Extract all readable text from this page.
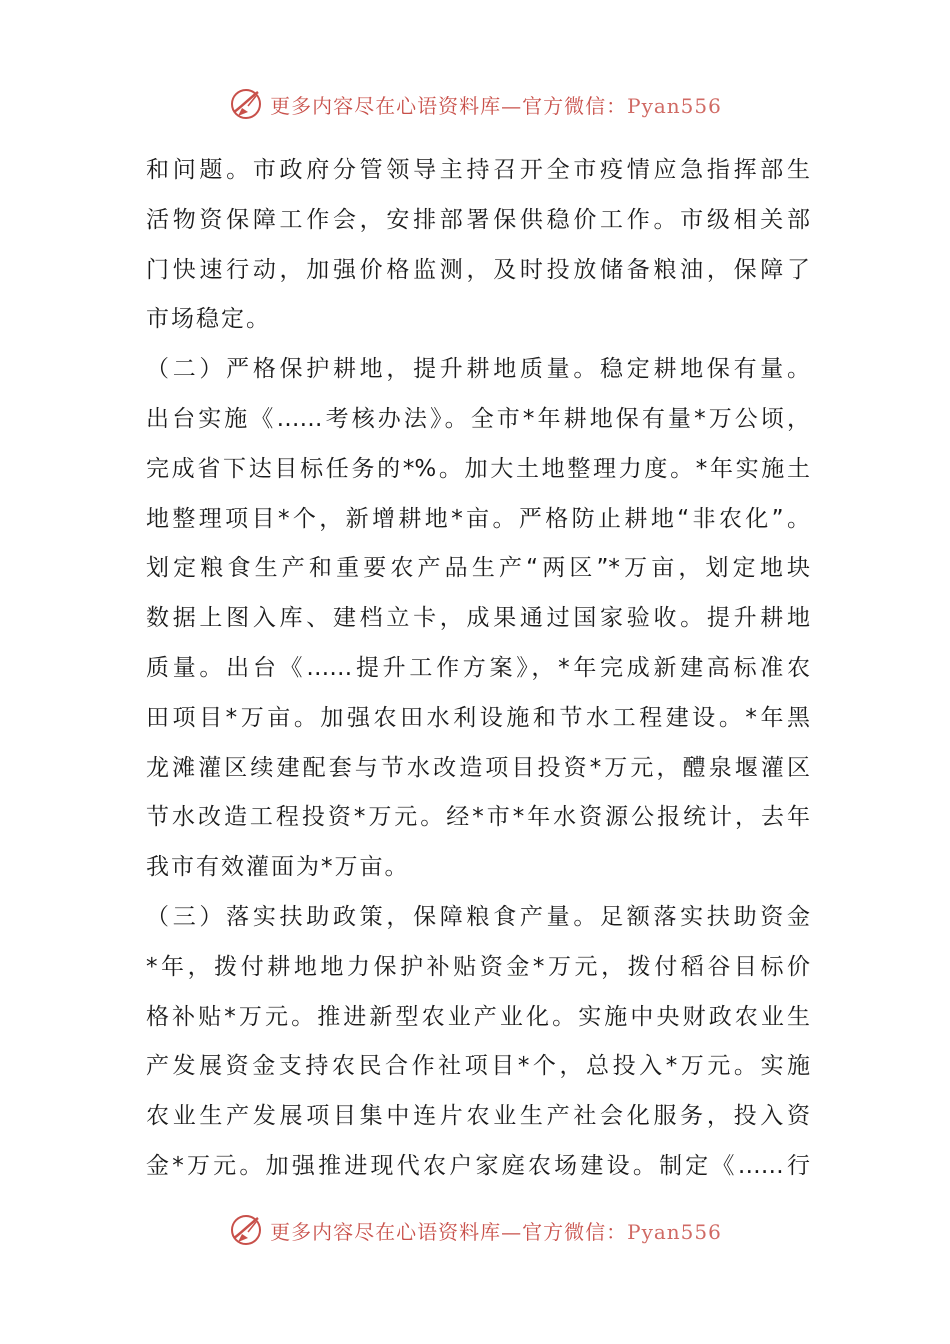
更多内容尽在心语资料库—官方微信：Pyan556
和问题。市政府分管领导主持召开全市疫情应急指挥部生
活物资保障工作会，安排部署保供稳价工作。市级相关部
门快速行动，加强价格监测，及时投放储备粮油，保障了
市场稳定。
（二）严格保护耕地，提升耕地质量。稳定耕地保有量。
出台实施《……考核办法》。全市*年耕地保有量*万公顷，
完成省下达目标任务的*%。加大土地整理力度。*年实施土
地整理项目*个，新增耕地*亩。严格防止耕地“非农化”。
划定粮食生产和重要农产品生产“两区”*万亩，划定地块
数据上图入库、建档立卡，成果通过国家验收。提升耕地
质量。出台《……提升工作方案》，*年完成新建高标准农
田项目*万亩。加强农田水利设施和节水工程建设。*年黑
龙滩灌区续建配套与节水改造项目投资*万元，醴泉堰灌区
节水改造工程投资*万元。经*市*年水资源公报统计，去年
我市有效灌面为*万亩。
（三）落实扶助政策，保障粮食产量。足额落实扶助资金
*年，拨付耕地地力保护补贴资金*万元，拨付稻谷目标价
格补贴*万元。推进新型农业产业化。实施中央财政农业生
产发展资金支持农民合作社项目*个，总投入*万元。实施
农业生产发展项目集中连片农业生产社会化服务，投入资
金*万元。加强推进现代农户家庭农场建设。制定《……行
更多内容尽在心语资料库—官方微信：Pyan556
